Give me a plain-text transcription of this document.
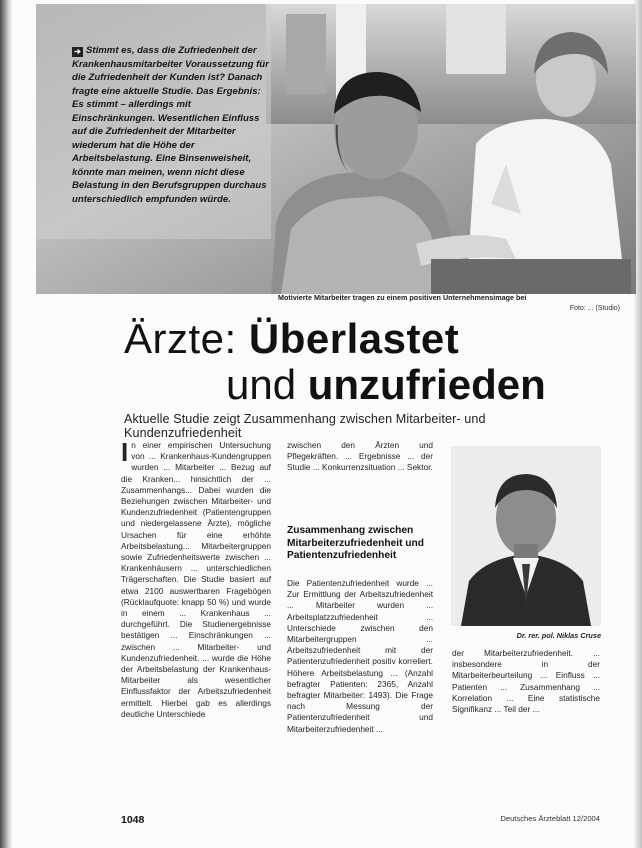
➔ Stimmt es, dass die Zufriedenheit der Krankenhausmitarbeiter Voraussetzung für die Zufriedenheit der Kunden ist? Danach fragte eine aktuelle Studie. Das Ergebnis: Es stimmt – allerdings mit Einschränkungen. Wesentlichen Einfluss auf die Zufriedenheit der Mitarbeiter wiederum hat die Höhe der Arbeitsbelastung. Eine Binsenweisheit, könnte man meinen, wenn nicht diese Belastung in den Berufsgruppen durchaus unterschiedlich empfunden würde.
Motivierte Mitarbeiter tragen zu einem positiven Unternehmensimage bei
Foto: ... (Studio)
Ärzte: Überlastet
und unzufrieden
Aktuelle Studie zeigt Zusammenhang zwischen Mitarbeiter- und Kundenzufriedenheit
In einer empirischen Untersuchung von ... Krankenhaus-Kundengruppen wurden ... Mitarbeiter ... Bezug auf die Kranken... hinsichtlich der ... Zusammenhangs... Dabei wurden die Beziehungen zwischen Mitarbeiter- und Kundenzufriedenheit (Patientengruppen und niedergelassene Ärzte), mögliche Ursachen für eine erhöhte Arbeitsbelastung... Mitarbeitergruppen sowie Zufriedenheitswerte zwischen ... Krankenhäusern ... unterschiedlichen Trägerschaften. Die Studie basiert auf etwa 2100 auswertbaren Fragebögen (Rücklaufquote: knapp 50 %) und wurde in einem ... Krankenhaus ... durchgeführt. Die Studienergebnisse bestätigen ... Einschränkungen ... zwischen ... Mitarbeiter- und Kundenzufriedenheit. ... wurde die Höhe der Arbeitsbelastung der Krankenhaus-Mitarbeiter als wesentlicher Einflussfaktor der Arbeitszufriedenheit ermittelt. Hierbei gab es allerdings deutliche Unterschiede
zwischen den Ärzten und Pflegekräften. ... Ergebnisse ... der Studie ... Konkurrenzsituation ... Sektor.
Zusammenhang zwischen Mitarbeiterzufriedenheit und Patientenzufriedenheit
Die Patientenzufriedenheit wurde ... Zur Ermittlung der Arbeitszufriedenheit ... Mitarbeiter wurden ... Arbeitsplatzzufriedenheit ... Unterschiede zwischen den Mitarbeitergruppen ... Arbeitszufriedenheit mit der Patientenzufriedenheit positiv korreliert. Höhere Arbeitsbelastung ... (Anzahl befragter Patienten: 2365, Anzahl befragter Mitarbeiter: 1493). Die Frage nach Messung der Patientenzufriedenheit und Mitarbeiterzufriedenheit ...
Dr. rer. pol. Niklas Cruse
der Mitarbeiterzufriedenheit. ... insbesondere in der Mitarbeiterbeurteilung ... Einfluss ... Patienten ... Zusammenhang ... Korrelation ... Eine statistische Signifikanz ... Teil der ...
1048	Deutsches Ärzteblatt 12/2004
